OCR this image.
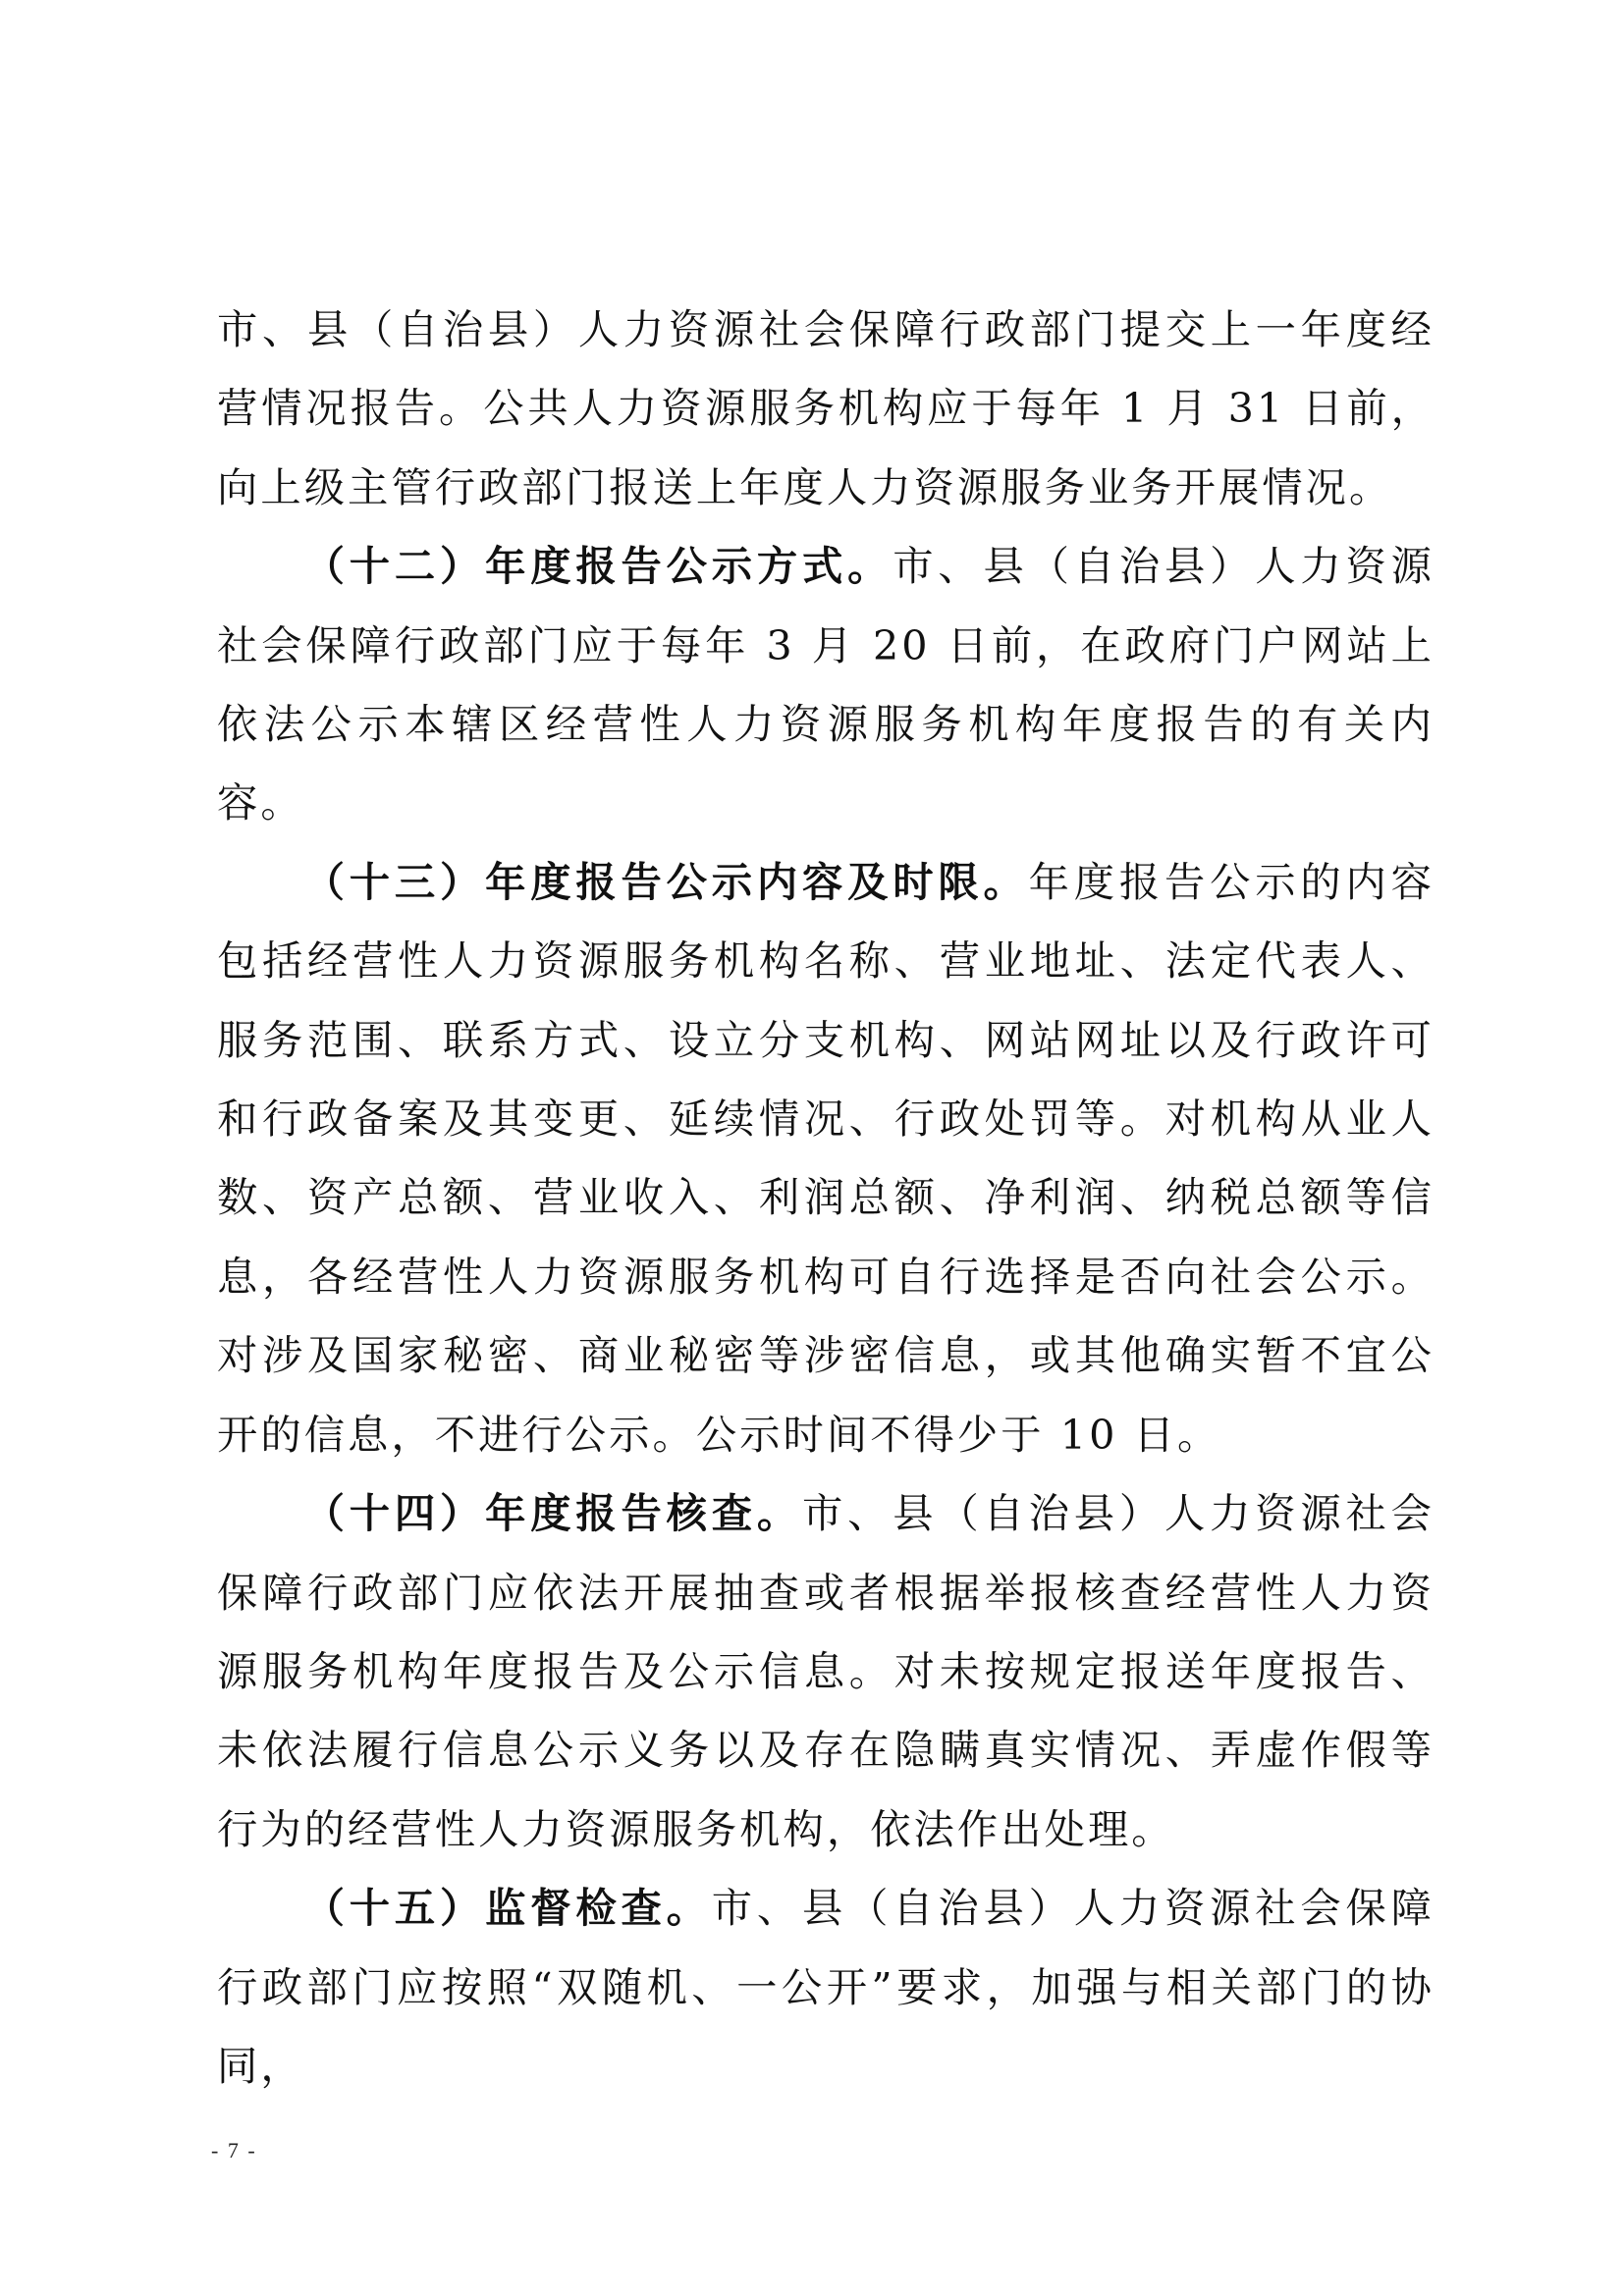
市、县（自治县）人力资源社会保障行政部门提交上一年度经营情况报告。公共人力资源服务机构应于每年 1 月 31 日前，向上级主管行政部门报送上年度人力资源服务业务开展情况。

（十二）年度报告公示方式。市、县（自治县）人力资源社会保障行政部门应于每年 3 月 20 日前，在政府门户网站上依法公示本辖区经营性人力资源服务机构年度报告的有关内容。

（十三）年度报告公示内容及时限。年度报告公示的内容包括经营性人力资源服务机构名称、营业地址、法定代表人、服务范围、联系方式、设立分支机构、网站网址以及行政许可和行政备案及其变更、延续情况、行政处罚等。对机构从业人数、资产总额、营业收入、利润总额、净利润、纳税总额等信息，各经营性人力资源服务机构可自行选择是否向社会公示。对涉及国家秘密、商业秘密等涉密信息，或其他确实暂不宜公开的信息，不进行公示。公示时间不得少于 10 日。

（十四）年度报告核查。市、县（自治县）人力资源社会保障行政部门应依法开展抽查或者根据举报核查经营性人力资源服务机构年度报告及公示信息。对未按规定报送年度报告、未依法履行信息公示义务以及存在隐瞒真实情况、弄虚作假等行为的经营性人力资源服务机构，依法作出处理。

（十五）监督检查。市、县（自治县）人力资源社会保障行政部门应按照“双随机、一公开”要求，加强与相关部门的协同，

- 7 -
